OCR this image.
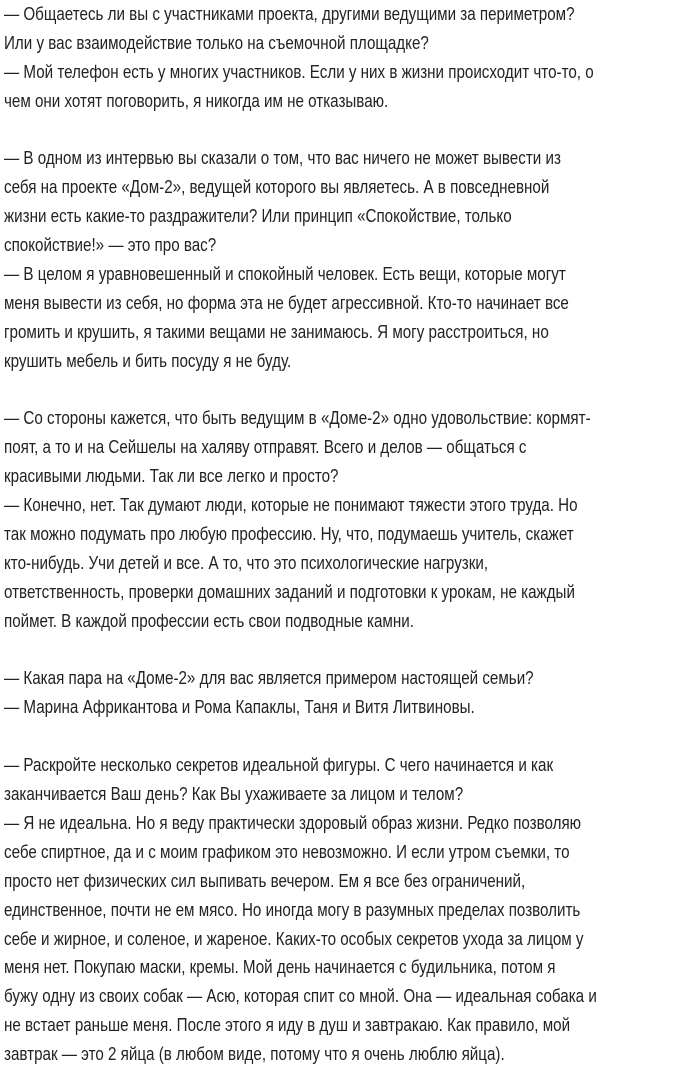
— Общаетесь ли вы с участниками проекта, другими ведущими за периметром?
Или у вас взаимодействие только на съемочной площадке?
— Мой телефон есть у многих участников. Если у них в жизни происходит что-то, о
чем они хотят поговорить, я никогда им не отказываю.
— В одном из интервью вы сказали о том, что вас ничего не может вывести из
себя на проекте «Дом-2», ведущей которого вы являетесь. А в повседневной
жизни есть какие-то раздражители? Или принцип «Спокойствие, только
спокойствие!» — это про вас?
— В целом я уравновешенный и спокойный человек. Есть вещи, которые могут
меня вывести из себя, но форма эта не будет агрессивной. Кто-то начинает все
громить и крушить, я такими вещами не занимаюсь. Я могу расстроиться, но
крушить мебель и бить посуду я не буду.
— Со стороны кажется, что быть ведущим в «Доме-2» одно удовольствие: кормят-
поят, а то и на Сейшелы на халяву отправят. Всего и делов — общаться с
красивыми людьми. Так ли все легко и просто?
— Конечно, нет. Так думают люди, которые не понимают тяжести этого труда. Но
так можно подумать про любую профессию. Ну, что, подумаешь учитель, скажет
кто-нибудь. Учи детей и все. А то, что это психологические нагрузки,
ответственность, проверки домашних заданий и подготовки к урокам, не каждый
поймет. В каждой профессии есть свои подводные камни.
— Какая пара на «Доме-2» для вас является примером настоящей семьи?
— Марина Африкантова и Рома Капаклы, Таня и Витя Литвиновы.
— Раскройте несколько секретов идеальной фигуры. С чего начинается и как
заканчивается Ваш день? Как Вы ухаживаете за лицом и телом?
— Я не идеальна. Но я веду практически здоровый образ жизни. Редко позволяю
себе спиртное, да и с моим графиком это невозможно. И если утром съемки, то
просто нет физических сил выпивать вечером. Ем я все без ограничений,
единственное, почти не ем мясо. Но иногда могу в разумных пределах позволить
себе и жирное, и соленое, и жареное. Каких-то особых секретов ухода за лицом у
меня нет. Покупаю маски, кремы. Мой день начинается с будильника, потом я
бужу одну из своих собак — Асю, которая спит со мной. Она — идеальная собака и
не встает раньше меня. После этого я иду в душ и завтракаю. Как правило, мой
завтрак — это 2 яйца (в любом виде, потому что я очень люблю яйца).
